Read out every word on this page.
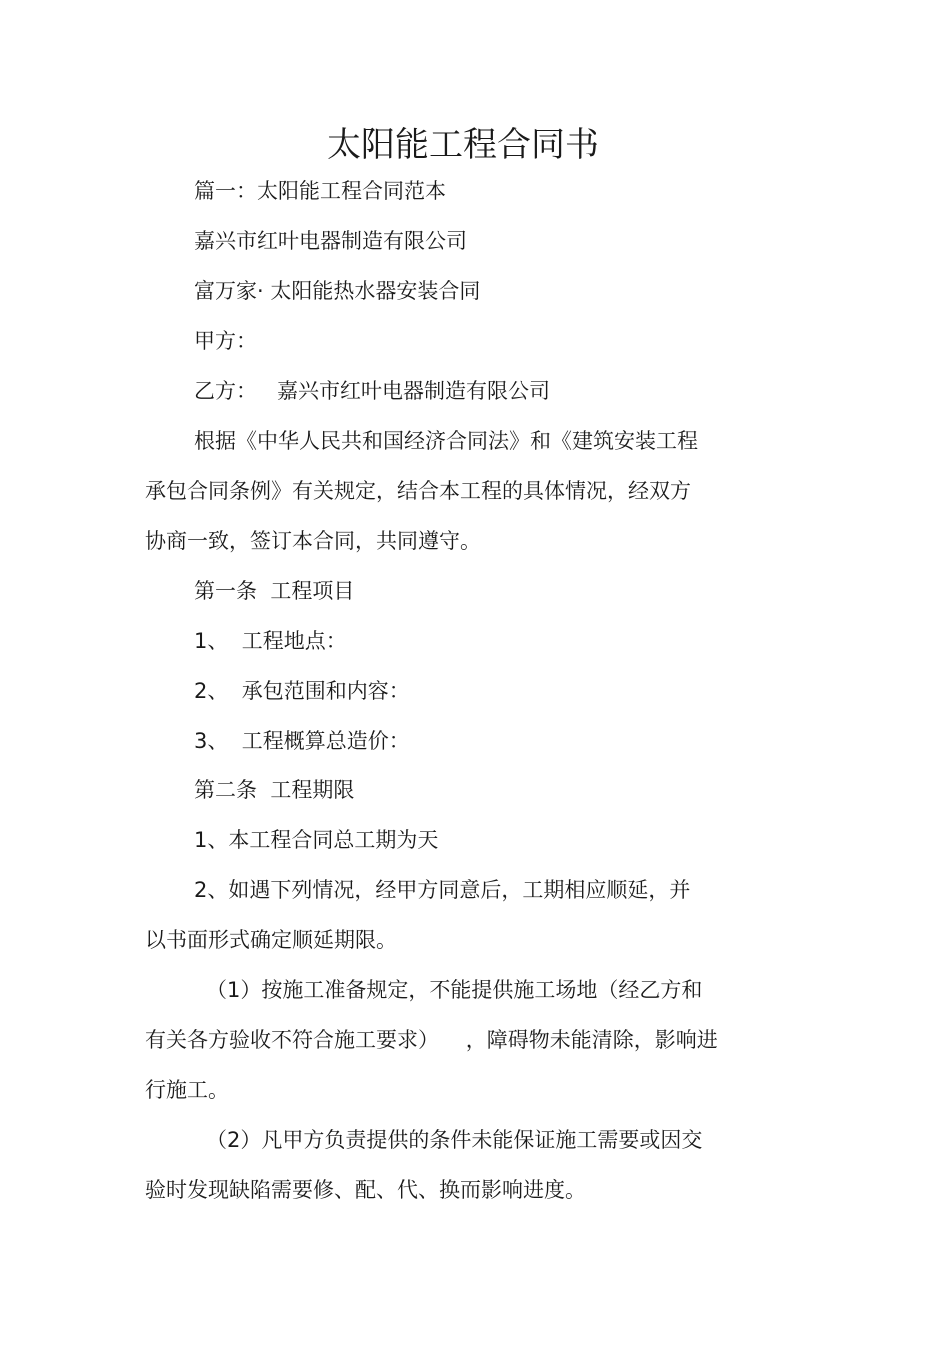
太阳能工程合同书
篇一：太阳能工程合同范本
嘉兴市红叶电器制造有限公司
富万家· 太阳能热水器安装合同
甲方：
乙方：   嘉兴市红叶电器制造有限公司
根据《中华人民共和国经济合同法》和《建筑安装工程
承包合同条例》有关规定，结合本工程的具体情况，经双方
协商一致，签订本合同，共同遵守。
第一条  工程项目
1、  工程地点：
2、  承包范围和内容：
3、  工程概算总造价：
第二条  工程期限
1、本工程合同总工期为天
2、如遇下列情况，经甲方同意后，工期相应顺延，并
以书面形式确定顺延期限。
（1）按施工准备规定，不能提供施工场地（经乙方和
有关各方验收不符合施工要求）    ，障碍物未能清除，影响进
行施工。
（2）凡甲方负责提供的条件未能保证施工需要或因交
验时发现缺陷需要修、配、代、换而影响进度。
